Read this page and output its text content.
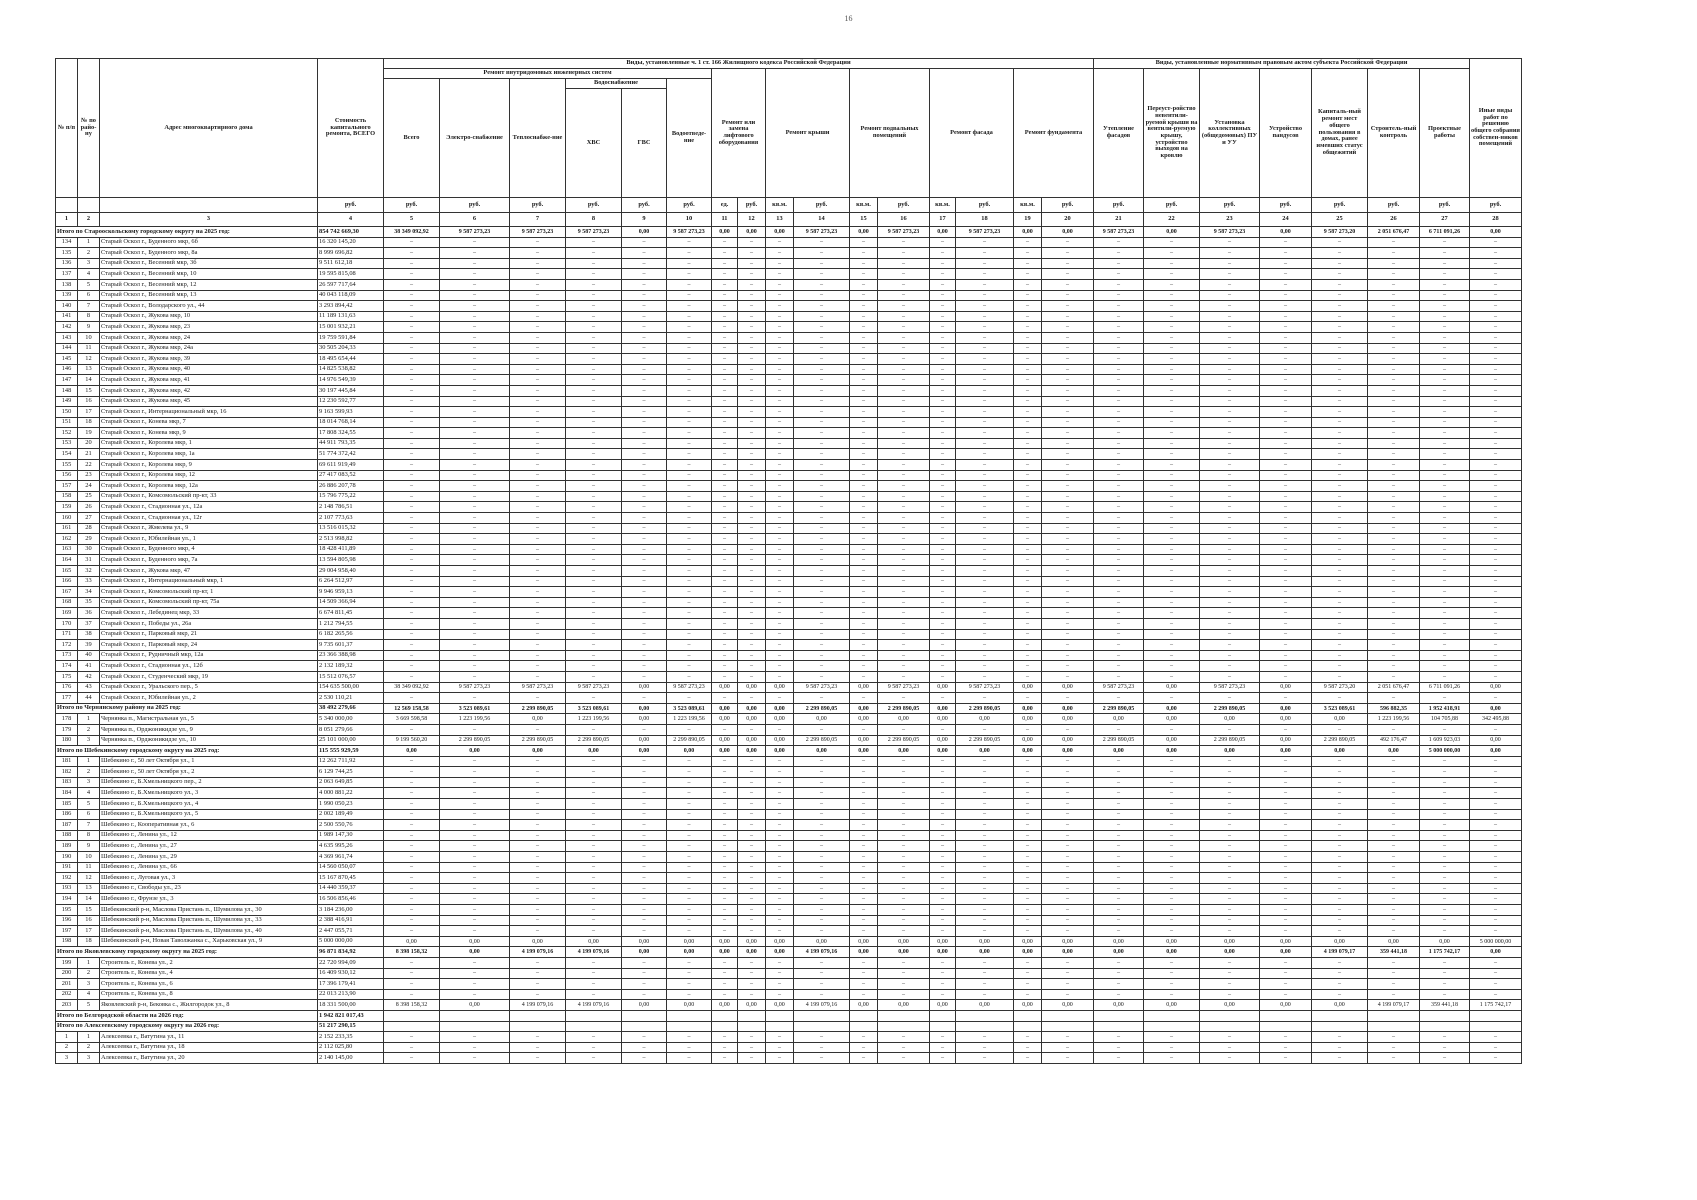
16
№ п/п	№ по райо-ну	Адрес многоквартирного дома	Стоимость капитального ремонта, ВСЕГО	Виды, установленные ч. 1 ст. 166 Жилищного кодекса Российской Федерации																Виды, установленные нормативным правовым актом субъекта Российской Федерации							Иные виды работ по решению общего собрания собствен-ников помещений
				Ремонт внутридомовых инженерных систем						Ремонт или замена лифтового оборудования		Ремонт крыши		Ремонт подвальных помещений		Ремонт фасада		Ремонт фундамента		Утепление фасадов	Переуст-ройство невентили-руемой крыши на вентили-руемую крышу, устройство выходов на кровлю	Установка коллективных (общедомовых) ПУ и УУ	Устройство пандусов	Капиталь-ный ремонт мест общего пользования в домах, ранее имевших статус общежитий	Строитель-ный контроль	Проектные работы	
				Всего	Электро-снабжение	Теплоснабже-ние	Водоснабжение		Водоотведе-ние																		
							ХВС	ГВС																			
			руб.	руб.	руб.	руб.	руб.	руб.	руб.	ед.	руб.	кв.м.	руб.	кв.м.	руб.	кв.м.	руб.	кв.м.	руб.	руб.	руб.	руб.	руб.	руб.	руб.	руб.	руб.
1	2	3	4	5	6	7	8	9	10	11	12	13	14	15	16	17	18	19	20	21	22	23	24	25	26	27	28
Итого по Старооскольскому городскому округу на 2025 год:			854 742 669,30	38 349 092,92	9 587 273,23	9 587 273,23	9 587 273,23	0,00	9 587 273,23	0,00	0,00	0,00	9 587 273,23	0,00	9 587 273,23	0,00	9 587 273,23	0,00	0,00	9 587 273,23	0,00	9 587 273,23	0,00	9 587 273,20	2 051 676,47	6 711 091,26	0,00
134	1	Старый Оскол г., Буденного мкр, 6б	16 320 145,20	–	–	–	–	–	–	–	–	–	–	–	–	–	–	–	–	–	–	–	–	–	–	–	–
135	2	Старый Оскол г., Буденного мкр, 8а	8 999 696,82	–	–	–	–	–	–	–	–	–	–	–	–	–	–	–	–	–	–	–	–	–	–	–	–
136	3	Старый Оскол г., Весенний мкр, 3б	9 511 612,18	–	–	–	–	–	–	–	–	–	–	–	–	–	–	–	–	–	–	–	–	–	–	–	–
137	4	Старый Оскол г., Весенний мкр, 10	19 595 815,08	–	–	–	–	–	–	–	–	–	–	–	–	–	–	–	–	–	–	–	–	–	–	–	–
138	5	Старый Оскол г., Весенний мкр, 12	26 597 717,64	–	–	–	–	–	–	–	–	–	–	–	–	–	–	–	–	–	–	–	–	–	–	–	–
139	6	Старый Оскол г., Весенний мкр, 13	40 043 118,09	–	–	–	–	–	–	–	–	–	–	–	–	–	–	–	–	–	–	–	–	–	–	–	–
140	7	Старый Оскол г., Володарского ул., 44	3 293 894,42	–	–	–	–	–	–	–	–	–	–	–	–	–	–	–	–	–	–	–	–	–	–	–	–
141	8	Старый Оскол г., Жукова мкр, 10	11 189 131,63	–	–	–	–	–	–	–	–	–	–	–	–	–	–	–	–	–	–	–	–	–	–	–	–
142	9	Старый Оскол г., Жукова мкр, 23	15 001 932,21	–	–	–	–	–	–	–	–	–	–	–	–	–	–	–	–	–	–	–	–	–	–	–	–
143	10	Старый Оскол г., Жукова мкр, 24	19 759 591,84	–	–	–	–	–	–	–	–	–	–	–	–	–	–	–	–	–	–	–	–	–	–	–	–
144	11	Старый Оскол г., Жукова мкр, 24а	30 505 204,33	–	–	–	–	–	–	–	–	–	–	–	–	–	–	–	–	–	–	–	–	–	–	–	–
145	12	Старый Оскол г., Жукова мкр, 39	18 495 654,44	–	–	–	–	–	–	–	–	–	–	–	–	–	–	–	–	–	–	–	–	–	–	–	–
146	13	Старый Оскол г., Жукова мкр, 40	14 825 538,82	–	–	–	–	–	–	–	–	–	–	–	–	–	–	–	–	–	–	–	–	–	–	–	–
147	14	Старый Оскол г., Жукова мкр, 41	14 976 549,39	–	–	–	–	–	–	–	–	–	–	–	–	–	–	–	–	–	–	–	–	–	–	–	–
148	15	Старый Оскол г., Жукова мкр, 42	30 197 445,84	–	–	–	–	–	–	–	–	–	–	–	–	–	–	–	–	–	–	–	–	–	–	–	–
149	16	Старый Оскол г., Жукова мкр, 45	12 230 592,77	–	–	–	–	–	–	–	–	–	–	–	–	–	–	–	–	–	–	–	–	–	–	–	–
150	17	Старый Оскол г., Интернациональный мкр, 16	9 163 599,93	–	–	–	–	–	–	–	–	–	–	–	–	–	–	–	–	–	–	–	–	–	–	–	–
151	18	Старый Оскол г., Конева мкр, 7	18 014 768,14	–	–	–	–	–	–	–	–	–	–	–	–	–	–	–	–	–	–	–	–	–	–	–	–
152	19	Старый Оскол г., Конева мкр, 9	17 808 324,55	–	–	–	–	–	–	–	–	–	–	–	–	–	–	–	–	–	–	–	–	–	–	–	–
153	20	Старый Оскол г., Королева мкр, 1	44 911 793,35	–	–	–	–	–	–	–	–	–	–	–	–	–	–	–	–	–	–	–	–	–	–	–	–
154	21	Старый Оскол г., Королева мкр, 1а	51 774 372,42	–	–	–	–	–	–	–	–	–	–	–	–	–	–	–	–	–	–	–	–	–	–	–	–
155	22	Старый Оскол г., Королева мкр, 9	69 611 919,49	–	–	–	–	–	–	–	–	–	–	–	–	–	–	–	–	–	–	–	–	–	–	–	–
156	23	Старый Оскол г., Королева мкр, 12	27 417 083,52	–	–	–	–	–	–	–	–	–	–	–	–	–	–	–	–	–	–	–	–	–	–	–	–
157	24	Старый Оскол г., Королева мкр, 12а	26 886 207,78	–	–	–	–	–	–	–	–	–	–	–	–	–	–	–	–	–	–	–	–	–	–	–	–
158	25	Старый Оскол г., Комсомольский пр-кт, 33	15 796 775,22	–	–	–	–	–	–	–	–	–	–	–	–	–	–	–	–	–	–	–	–	–	–	–	–
159	26	Старый Оскол г., Стадионная ул., 12а	2 148 786,51	–	–	–	–	–	–	–	–	–	–	–	–	–	–	–	–	–	–	–	–	–	–	–	–
160	27	Старый Оскол г., Стадионная ул., 12г	2 107 773,63	–	–	–	–	–	–	–	–	–	–	–	–	–	–	–	–	–	–	–	–	–	–	–	–
161	28	Старый Оскол г., Жмелева ул., 9	13 516 015,32	–	–	–	–	–	–	–	–	–	–	–	–	–	–	–	–	–	–	–	–	–	–	–	–
162	29	Старый Оскол г., Юбилейная ул., 1	2 513 998,82	–	–	–	–	–	–	–	–	–	–	–	–	–	–	–	–	–	–	–	–	–	–	–	–
163	30	Старый Оскол г., Буденного мкр, 4	18 428 411,89	–	–	–	–	–	–	–	–	–	–	–	–	–	–	–	–	–	–	–	–	–	–	–	–
164	31	Старый Оскол г., Буденного мкр, 7а	13 594 805,98	–	–	–	–	–	–	–	–	–	–	–	–	–	–	–	–	–	–	–	–	–	–	–	–
165	32	Старый Оскол г., Жукова мкр, 47	29 004 958,40	–	–	–	–	–	–	–	–	–	–	–	–	–	–	–	–	–	–	–	–	–	–	–	–
166	33	Старый Оскол г., Интернациональный мкр, 1	6 264 512,97	–	–	–	–	–	–	–	–	–	–	–	–	–	–	–	–	–	–	–	–	–	–	–	–
167	34	Старый Оскол г., Комсомольский пр-кт, 1	9 946 959,13	–	–	–	–	–	–	–	–	–	–	–	–	–	–	–	–	–	–	–	–	–	–	–	–
168	35	Старый Оскол г., Комсомольский пр-кт, 75а	14 509 366,94	–	–	–	–	–	–	–	–	–	–	–	–	–	–	–	–	–	–	–	–	–	–	–	–
169	36	Старый Оскол г., Лебединец мкр, 33	6 674 811,45	–	–	–	–	–	–	–	–	–	–	–	–	–	–	–	–	–	–	–	–	–	–	–	–
170	37	Старый Оскол г., Победы ул., 26а	1 212 794,55	–	–	–	–	–	–	–	–	–	–	–	–	–	–	–	–	–	–	–	–	–	–	–	–
171	38	Старый Оскол г., Парковый мкр, 21	6 182 265,56	–	–	–	–	–	–	–	–	–	–	–	–	–	–	–	–	–	–	–	–	–	–	–	–
172	39	Старый Оскол г., Парковый мкр, 24	9 735 601,37	–	–	–	–	–	–	–	–	–	–	–	–	–	–	–	–	–	–	–	–	–	–	–	–
173	40	Старый Оскол г., Рудничный мкр, 12а	23 366 388,98	–	–	–	–	–	–	–	–	–	–	–	–	–	–	–	–	–	–	–	–	–	–	–	–
174	41	Старый Оскол г., Стадионная ул., 12б	2 132 189,32	–	–	–	–	–	–	–	–	–	–	–	–	–	–	–	–	–	–	–	–	–	–	–	–
175	42	Старый Оскол г., Студенческий мкр, 19	15 512 076,57	–	–	–	–	–	–	–	–	–	–	–	–	–	–	–	–	–	–	–	–	–	–	–	–
176	43	Старый Оскол г., Уральского пер., 5	154 635 500,00	38 349 092,92	9 587 273,23	9 587 273,23	9 587 273,23	0,00	9 587 273,23	0,00	0,00	0,00	9 587 273,23	0,00	9 587 273,23	0,00	9 587 273,23	0,00	0,00	9 587 273,23	0,00	9 587 273,23	0,00	9 587 273,20	2 051 676,47	6 711 091,26	0,00
177	44	Старый Оскол г., Юбилейная ул., 2	2 530 110,21	–	–	–	–	–	–	–	–	–	–	–	–	–	–	–	–	–	–	–	–	–	–	–	–
Итого по Чернянскому району на 2025 год:			38 492 279,66	12 569 158,58	3 523 089,61	2 299 890,05	3 523 089,61	0,00	3 523 089,61	0,00	0,00	0,00	2 299 890,05	0,00	2 299 890,05	0,00	2 299 890,05	0,00	0,00	2 299 890,05	0,00	2 299 890,05	0,00	3 523 089,61	596 882,35	1 952 418,91	0,00
178	1	Чернянка п., Магистральная ул., 5	5 340 000,00	3 669 598,58	1 223 199,56	0,00	1 223 199,56	0,00	1 223 199,56	0,00	0,00	0,00	0,00	0,00	0,00	0,00	0,00	0,00	0,00	0,00	0,00	0,00	0,00	0,00	1 223 199,56	104 705,88	342 495,88
179	2	Чернянка п., Орджоникидзе ул., 9	8 051 279,66	–	–	–	–	–	–	–	–	–	–	–	–	–	–	–	–	–	–	–	–	–	–	–	–
180	3	Чернянка п., Орджоникидзе ул., 10	25 101 000,00	9 199 560,20	2 299 890,05	2 299 890,05	2 299 890,05	0,00	2 299 890,05	0,00	0,00	0,00	2 299 890,05	0,00	2 299 890,05	0,00	2 299 890,05	0,00	0,00	2 299 890,05	0,00	2 299 890,05	0,00	2 299 890,05	492 176,47	1 609 923,03	0,00
Итого по Шебекинскому городскому округу на 2025 год:			115 555 929,59	0,00	0,00	0,00	0,00	0,00	0,00	0,00	0,00	0,00	0,00	0,00	0,00	0,00	0,00	0,00	0,00	0,00	0,00	0,00	0,00	0,00	0,00	5 000 000,00	0,00
181	1	Шебекино г., 50 лет Октября ул., 1	12 262 711,92	–	–	–	–	–	–	–	–	–	–	–	–	–	–	–	–	–	–	–	–	–	–	–	–
182	2	Шебекино г., 50 лет Октября ул., 2	6 129 744,25	–	–	–	–	–	–	–	–	–	–	–	–	–	–	–	–	–	–	–	–	–	–	–	–
183	3	Шебекино г., Б.Хмельницкого пер., 2	2 063 649,85	–	–	–	–	–	–	–	–	–	–	–	–	–	–	–	–	–	–	–	–	–	–	–	–
184	4	Шебекино г., Б.Хмельницкого ул., 3	4 000 881,22	–	–	–	–	–	–	–	–	–	–	–	–	–	–	–	–	–	–	–	–	–	–	–	–
185	5	Шебекино г., Б.Хмельницкого ул., 4	1 990 050,23	–	–	–	–	–	–	–	–	–	–	–	–	–	–	–	–	–	–	–	–	–	–	–	–
186	6	Шебекино г., Б.Хмельницкого ул., 5	2 002 189,49	–	–	–	–	–	–	–	–	–	–	–	–	–	–	–	–	–	–	–	–	–	–	–	–
187	7	Шебекино г., Кооперативная ул., 6	2 500 550,76	–	–	–	–	–	–	–	–	–	–	–	–	–	–	–	–	–	–	–	–	–	–	–	–
188	8	Шебекино г., Ленина ул., 12	1 989 147,30	–	–	–	–	–	–	–	–	–	–	–	–	–	–	–	–	–	–	–	–	–	–	–	–
189	9	Шебекино г., Ленина ул., 27	4 635 995,26	–	–	–	–	–	–	–	–	–	–	–	–	–	–	–	–	–	–	–	–	–	–	–	–
190	10	Шебекино г., Ленина ул., 29	4 369 961,74	–	–	–	–	–	–	–	–	–	–	–	–	–	–	–	–	–	–	–	–	–	–	–	–
191	11	Шебекино г., Ленина ул., 66	14 560 050,07	–	–	–	–	–	–	–	–	–	–	–	–	–	–	–	–	–	–	–	–	–	–	–	–
192	12	Шебекино г., Луговая ул., 3	15 167 870,45	–	–	–	–	–	–	–	–	–	–	–	–	–	–	–	–	–	–	–	–	–	–	–	–
193	13	Шебекино г., Свободы ул., 23	14 440 359,37	–	–	–	–	–	–	–	–	–	–	–	–	–	–	–	–	–	–	–	–	–	–	–	–
194	14	Шебекино г., Фрунзе ул., 3	16 506 856,46	–	–	–	–	–	–	–	–	–	–	–	–	–	–	–	–	–	–	–	–	–	–	–	–
195	15	Шебекинский р-н, Маслова Пристань п., Шумилова ул., 30	3 184 236,00	–	–	–	–	–	–	–	–	–	–	–	–	–	–	–	–	–	–	–	–	–	–	–	–
196	16	Шебекинский р-н, Маслова Пристань п., Шумилова ул., 33	2 388 416,91	–	–	–	–	–	–	–	–	–	–	–	–	–	–	–	–	–	–	–	–	–	–	–	–
197	17	Шебекинский р-н, Маслова Пристань п., Шумилова ул., 40	2 447 055,71	–	–	–	–	–	–	–	–	–	–	–	–	–	–	–	–	–	–	–	–	–	–	–	–
198	18	Шебекинский р-н, Новая Таволжанка с., Харьковская ул., 9	5 000 000,00	0,00	0,00	0,00	0,00	0,00	0,00	0,00	0,00	0,00	0,00	0,00	0,00	0,00	0,00	0,00	0,00	0,00	0,00	0,00	0,00	0,00	0,00	0,00	5 000 000,00
Итого по Яковлевскому городскому округу на 2025 год:			96 871 834,92	8 398 158,32	0,00	4 199 079,16	4 199 079,16	0,00	0,00	0,00	0,00	0,00	4 199 079,16	0,00	0,00	0,00	0,00	0,00	0,00	0,00	0,00	0,00	0,00	4 199 079,17	359 441,18	1 175 742,17	0,00
199	1	Строитель г., Конева ул., 2	22 720 994,09	–	–	–	–	–	–	–	–	–	–	–	–	–	–	–	–	–	–	–	–	–	–	–	–
200	2	Строитель г., Конева ул., 4	16 409 930,12	–	–	–	–	–	–	–	–	–	–	–	–	–	–	–	–	–	–	–	–	–	–	–	–
201	3	Строитель г., Конева ул., 6	17 396 179,41	–	–	–	–	–	–	–	–	–	–	–	–	–	–	–	–	–	–	–	–	–	–	–	–
202	4	Строитель г., Конева ул., 8	22 013 213,90	–	–	–	–	–	–	–	–	–	–	–	–	–	–	–	–	–	–	–	–	–	–	–	–
203	5	Яковлевский р-н, Бековка с., Жилгородок ул., 8	18 331 500,00	8 398 158,32	0,00	4 199 079,16	4 199 079,16	0,00	0,00	0,00	0,00	0,00	4 199 079,16	0,00	0,00	0,00	0,00	0,00	0,00	0,00	0,00	0,00	0,00	0,00	4 199 079,17	359 441,18	1 175 742,17
Итого по Белгородской области на 2026 год:			1 942 821 017,43																								
Итого по Алексеевскому городскому округу на 2026 год:			51 217 290,15																								
1	1	Алексеевка г., Ватутина ул., 11	2 152 233,35	–	–	–	–	–	–	–	–	–	–	–	–	–	–	–	–	–	–	–	–	–	–	–	–
2	2	Алексеевка г., Ватутина ул., 18	2 112 025,80	–	–	–	–	–	–	–	–	–	–	–	–	–	–	–	–	–	–	–	–	–	–	–	–
3	3	Алексеевка г., Ватутина ул., 20	2 140 145,00	–	–	–	–	–	–	–	–	–	–	–	–	–	–	–	–	–	–	–	–	–	–	–	–
